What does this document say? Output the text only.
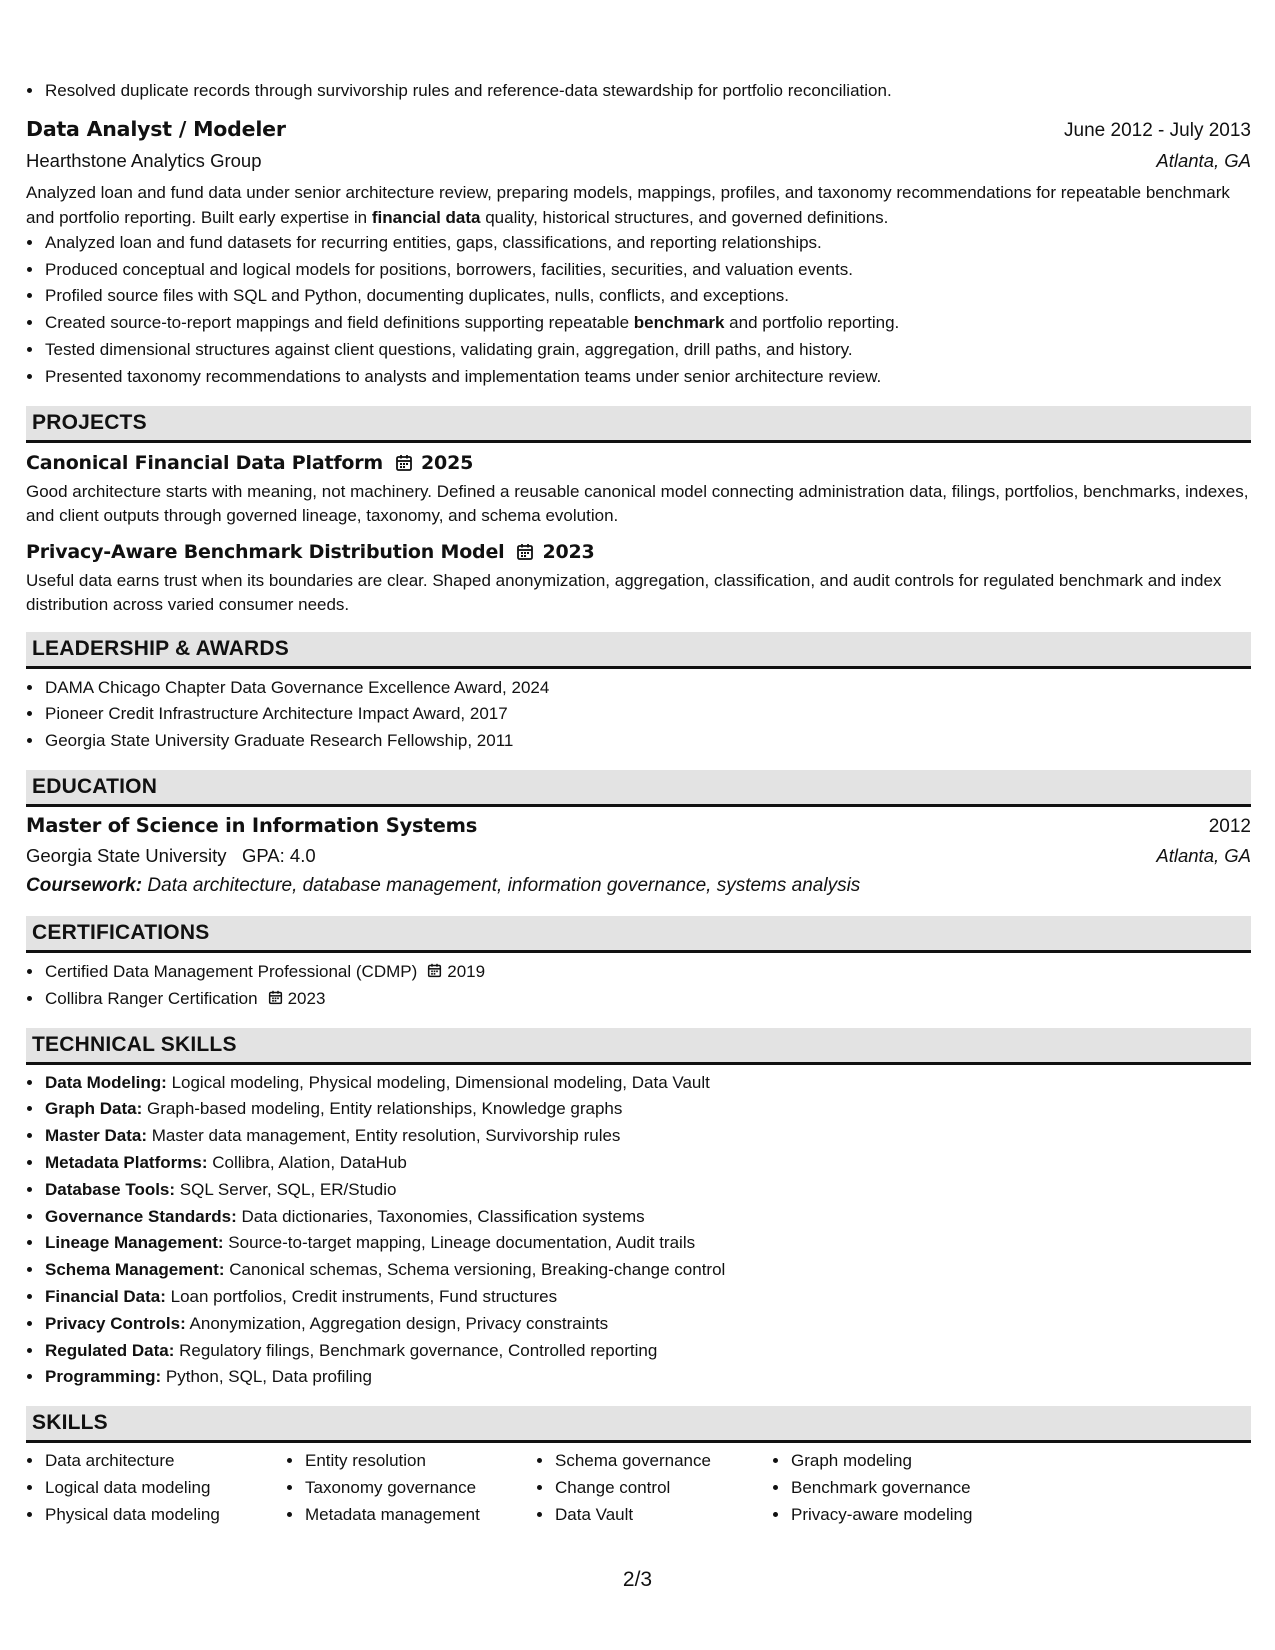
• Resolved duplicate records through survivorship rules and reference-data stewardship for portfolio reconciliation.
Data Analyst / Modeler	June 2012 - July 2013
Hearthstone Analytics Group	Atlanta, GA

Analyzed loan and fund data under senior architecture review, preparing models, mappings, profiles, and taxonomy recommendations for repeatable benchmark and portfolio reporting. Built early expertise in financial data quality, historical structures, and governed definitions.

• Analyzed loan and fund datasets for recurring entities, gaps, classifications, and reporting relationships.
• Produced conceptual and logical models for positions, borrowers, facilities, securities, and valuation events.
• Profiled source files with SQL and Python, documenting duplicates, nulls, conflicts, and exceptions.
• Created source-to-report mappings and field definitions supporting repeatable benchmark and portfolio reporting.
• Tested dimensional structures against client questions, validating grain, aggregation, drill paths, and history.
• Presented taxonomy recommendations to analysts and implementation teams under senior architecture review.
PROJECTS
Canonical Financial Data Platform 2025

Good architecture starts with meaning, not machinery. Defined a reusable canonical model connecting administration data, filings, portfolios, benchmarks, indexes, and client outputs through governed lineage, taxonomy, and schema evolution.

Privacy-Aware Benchmark Distribution Model 2023

Useful data earns trust when its boundaries are clear. Shaped anonymization, aggregation, classification, and audit controls for regulated benchmark and index distribution across varied consumer needs.

LEADERSHIP & AWARDS
• DAMA Chicago Chapter Data Governance Excellence Award, 2024
• Pioneer Credit Infrastructure Architecture Impact Award, 2017
• Georgia State University Graduate Research Fellowship, 2011
EDUCATION
Master of Science in Information Systems	2012
Georgia State University GPA: 4.0	Atlanta, GA
Coursework: Data architecture, database management, information governance, systems analysis
CERTIFICATIONS
• Certified Data Management Professional (CDMP) 2019
• Collibra Ranger Certification 2023
TECHNICAL SKILLS
• Data Modeling: Logical modeling, Physical modeling, Dimensional modeling, Data Vault
• Graph Data: Graph-based modeling, Entity relationships, Knowledge graphs
• Master Data: Master data management, Entity resolution, Survivorship rules
• Metadata Platforms: Collibra, Alation, DataHub
• Database Tools: SQL Server, SQL, ER/Studio
• Governance Standards: Data dictionaries, Taxonomies, Classification systems
• Lineage Management: Source-to-target mapping, Lineage documentation, Audit trails
• Schema Management: Canonical schemas, Schema versioning, Breaking-change control
• Financial Data: Loan portfolios, Credit instruments, Fund structures
• Privacy Controls: Anonymization, Aggregation design, Privacy constraints
• Regulated Data: Regulatory filings, Benchmark governance, Controlled reporting
• Programming: Python, SQL, Data profiling
SKILLS
• Data architecture
• Logical data modeling
• Physical data modeling
• Entity resolution
• Taxonomy governance
• Metadata management
• Schema governance
• Change control
• Data Vault
• Graph modeling
• Benchmark governance
• Privacy-aware modeling
2/3
